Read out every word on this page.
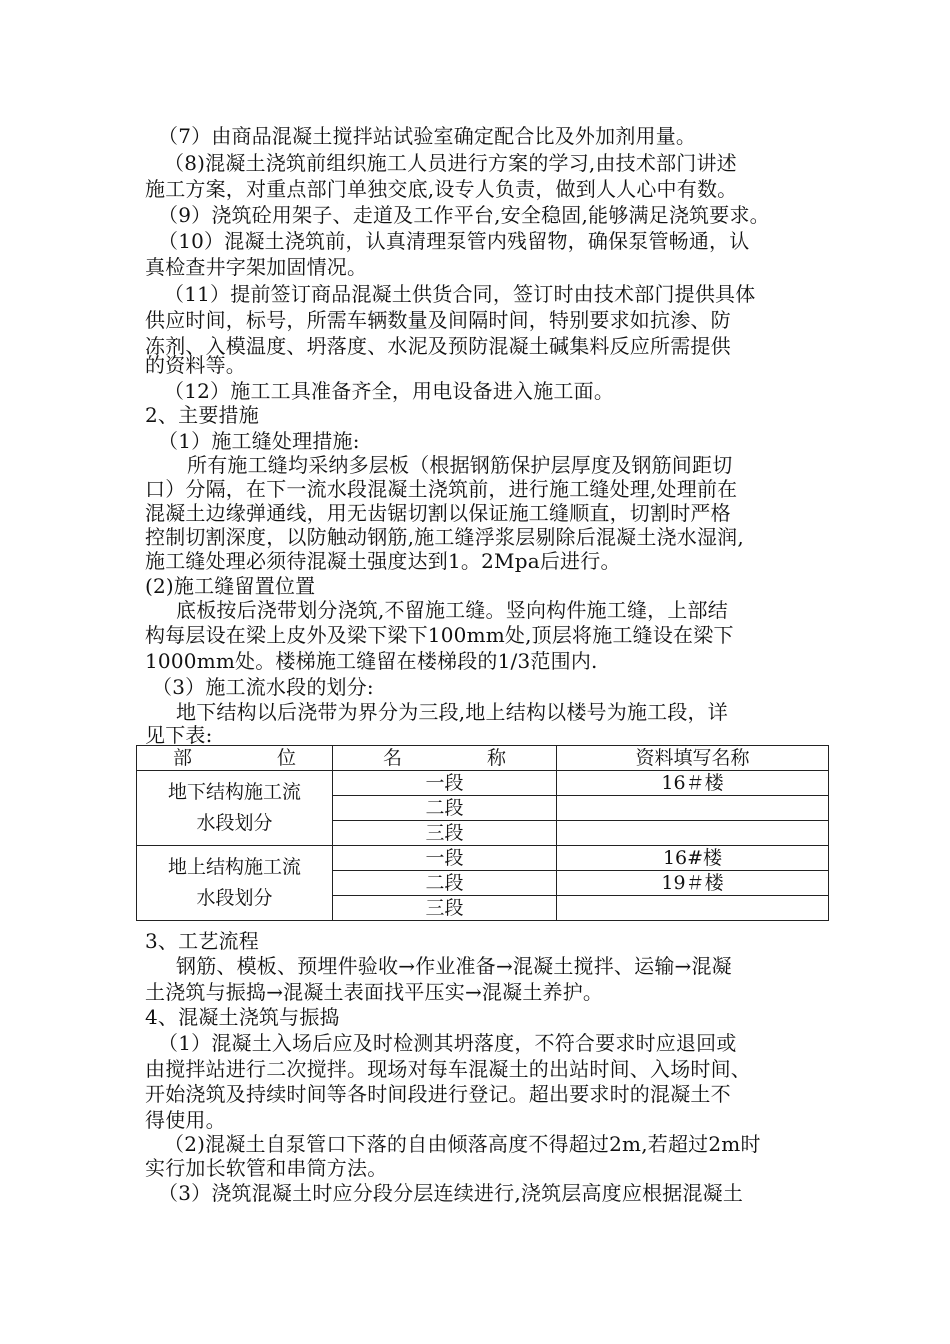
（7）由商品混凝土搅拌站试验室确定配合比及外加剂用量。
（8)混凝土浇筑前组织施工人员进行方案的学习,由技术部门讲述
施工方案，对重点部门单独交底,设专人负责，做到人人心中有数。
（9）浇筑砼用架子、走道及工作平台,安全稳固,能够满足浇筑要求。
（10）混凝土浇筑前，认真清理泵管内残留物，确保泵管畅通，认
真检查井字架加固情况。
（11）提前签订商品混凝土供货合同，签订时由技术部门提供具体
供应时间，标号，所需车辆数量及间隔时间，特别要求如抗渗、防
冻剂、入模温度、坍落度、水泥及预防混凝土碱集料反应所需提供
的资料等。
（12）施工工具准备齐全，用电设备进入施工面。
2、主要措施
（1）施工缝处理措施:
所有施工缝均采纳多层板（根据钢筋保护层厚度及钢筋间距切
口）分隔，在下一流水段混凝土浇筑前，进行施工缝处理,处理前在
混凝土边缘弹通线，用无齿锯切割以保证施工缝顺直，切割时严格
控制切割深度，以防触动钢筋,施工缝浮浆层剔除后混凝土浇水湿润,
施工缝处理必须待混凝土强度达到1。2Mpa后进行。
(2)施工缝留置位置
底板按后浇带划分浇筑,不留施工缝。竖向构件施工缝，上部结
构每层设在梁上皮外及梁下梁下100mm处,顶层将施工缝设在梁下
1000mm处。楼梯施工缝留在楼梯段的1/3范围内.
（3）施工流水段的划分:
地下结构以后浇带为界分为三段,地上结构以楼号为施工段，详
见下表:
部 位	名 称	资料填写名称

地下结构施工流
水段划分	一段	16＃楼
	二段	
	三段	

地上结构施工流
水段划分	一段	16#楼
	二段	19＃楼
	三段	
3、工艺流程
钢筋、模板、预埋件验收→作业准备→混凝土搅拌、运输→混凝
土浇筑与振捣→混凝土表面找平压实→混凝土养护。
4、混凝土浇筑与振捣
（1）混凝土入场后应及时检测其坍落度，不符合要求时应退回或
由搅拌站进行二次搅拌。现场对每车混凝土的出站时间、入场时间、
开始浇筑及持续时间等各时间段进行登记。超出要求时的混凝土不
得使用。
（2)混凝土自泵管口下落的自由倾落高度不得超过2m,若超过2m时
实行加长软管和串筒方法。
（3）浇筑混凝土时应分段分层连续进行,浇筑层高度应根据混凝土
